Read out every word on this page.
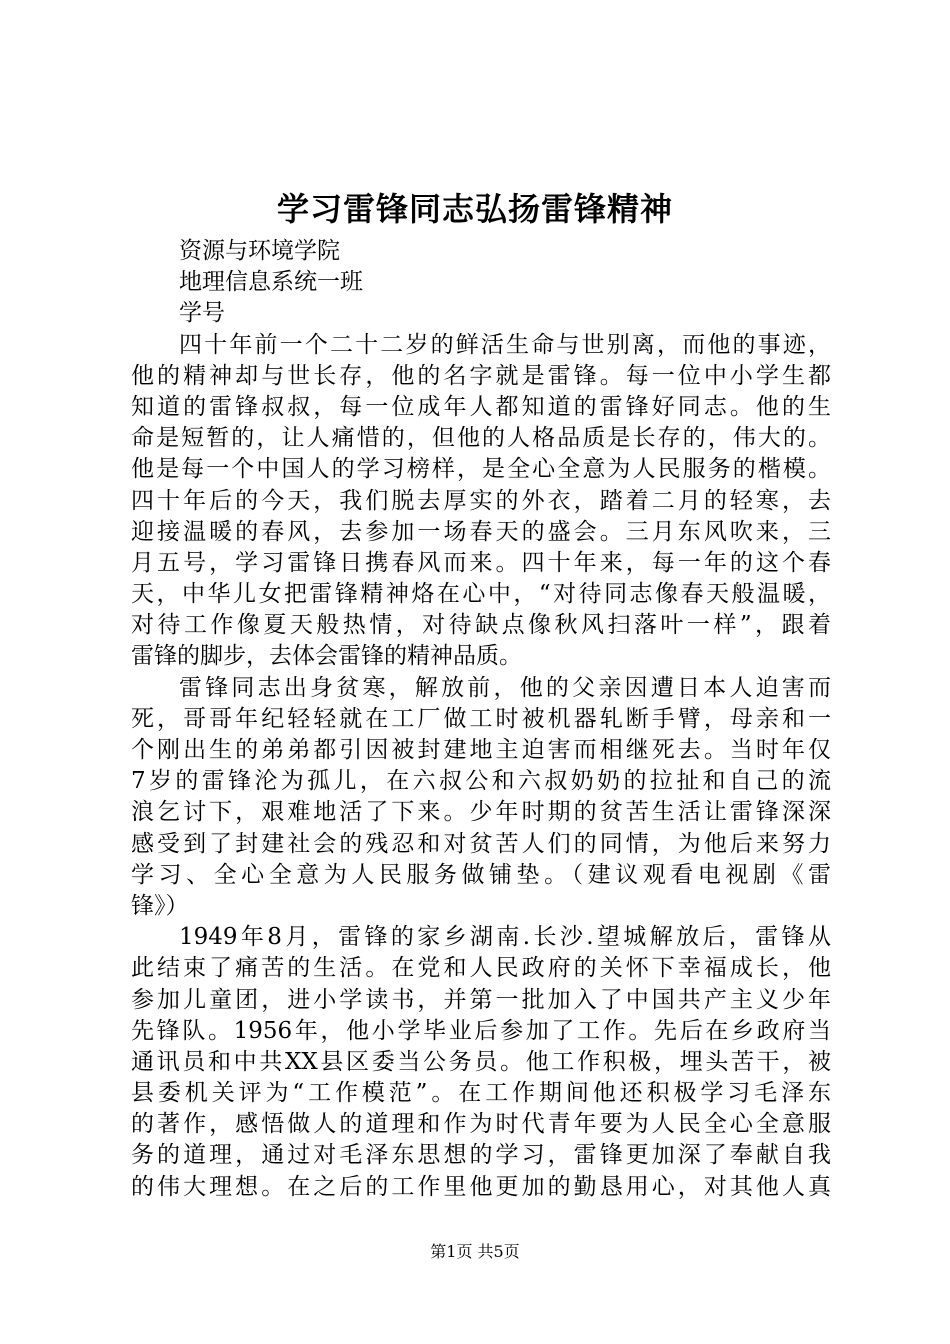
学习雷锋同志弘扬雷锋精神
资源与环境学院
地理信息系统一班
学号
四十年前一个二十二岁的鲜活生命与世别离，而他的事迹，
他的精神却与世长存，他的名字就是雷锋。每一位中小学生都
知道的雷锋叔叔，每一位成年人都知道的雷锋好同志。他的生
命是短暂的，让人痛惜的，但他的人格品质是长存的，伟大的。
他是每一个中国人的学习榜样，是全心全意为人民服务的楷模。
四十年后的今天，我们脱去厚实的外衣，踏着二月的轻寒，去
迎接温暖的春风，去参加一场春天的盛会。三月东风吹来，三
月五号，学习雷锋日携春风而来。四十年来，每一年的这个春
天，中华儿女把雷锋精神烙在心中，“对待同志像春天般温暖，
对待工作像夏天般热情，对待缺点像秋风扫落叶一样”，跟着
雷锋的脚步，去体会雷锋的精神品质。
雷锋同志出身贫寒，解放前，他的父亲因遭日本人迫害而
死，哥哥年纪轻轻就在工厂做工时被机器轧断手臂，母亲和一
个刚出生的弟弟都引因被封建地主迫害而相继死去。当时年仅
7岁的雷锋沦为孤儿，在六叔公和六叔奶奶的拉扯和自己的流
浪乞讨下，艰难地活了下来。少年时期的贫苦生活让雷锋深深
感受到了封建社会的残忍和对贫苦人们的同情，为他后来努力
学习、全心全意为人民服务做铺垫。（建议观看电视剧《雷
锋》）
1949年8月，雷锋的家乡湖南.长沙.望城解放后，雷锋从
此结束了痛苦的生活。在党和人民政府的关怀下幸福成长，他
参加儿童团，进小学读书，并第一批加入了中国共产主义少年
先锋队。1956年，他小学毕业后参加了工作。先后在乡政府当
通讯员和中共XX县区委当公务员。他工作积极，埋头苦干，被
县委机关评为“工作模范”。在工作期间他还积极学习毛泽东
的著作，感悟做人的道理和作为时代青年要为人民全心全意服
务的道理，通过对毛泽东思想的学习，雷锋更加深了奉献自我
的伟大理想。在之后的工作里他更加的勤恳用心，对其他人真
第1页 共5页
